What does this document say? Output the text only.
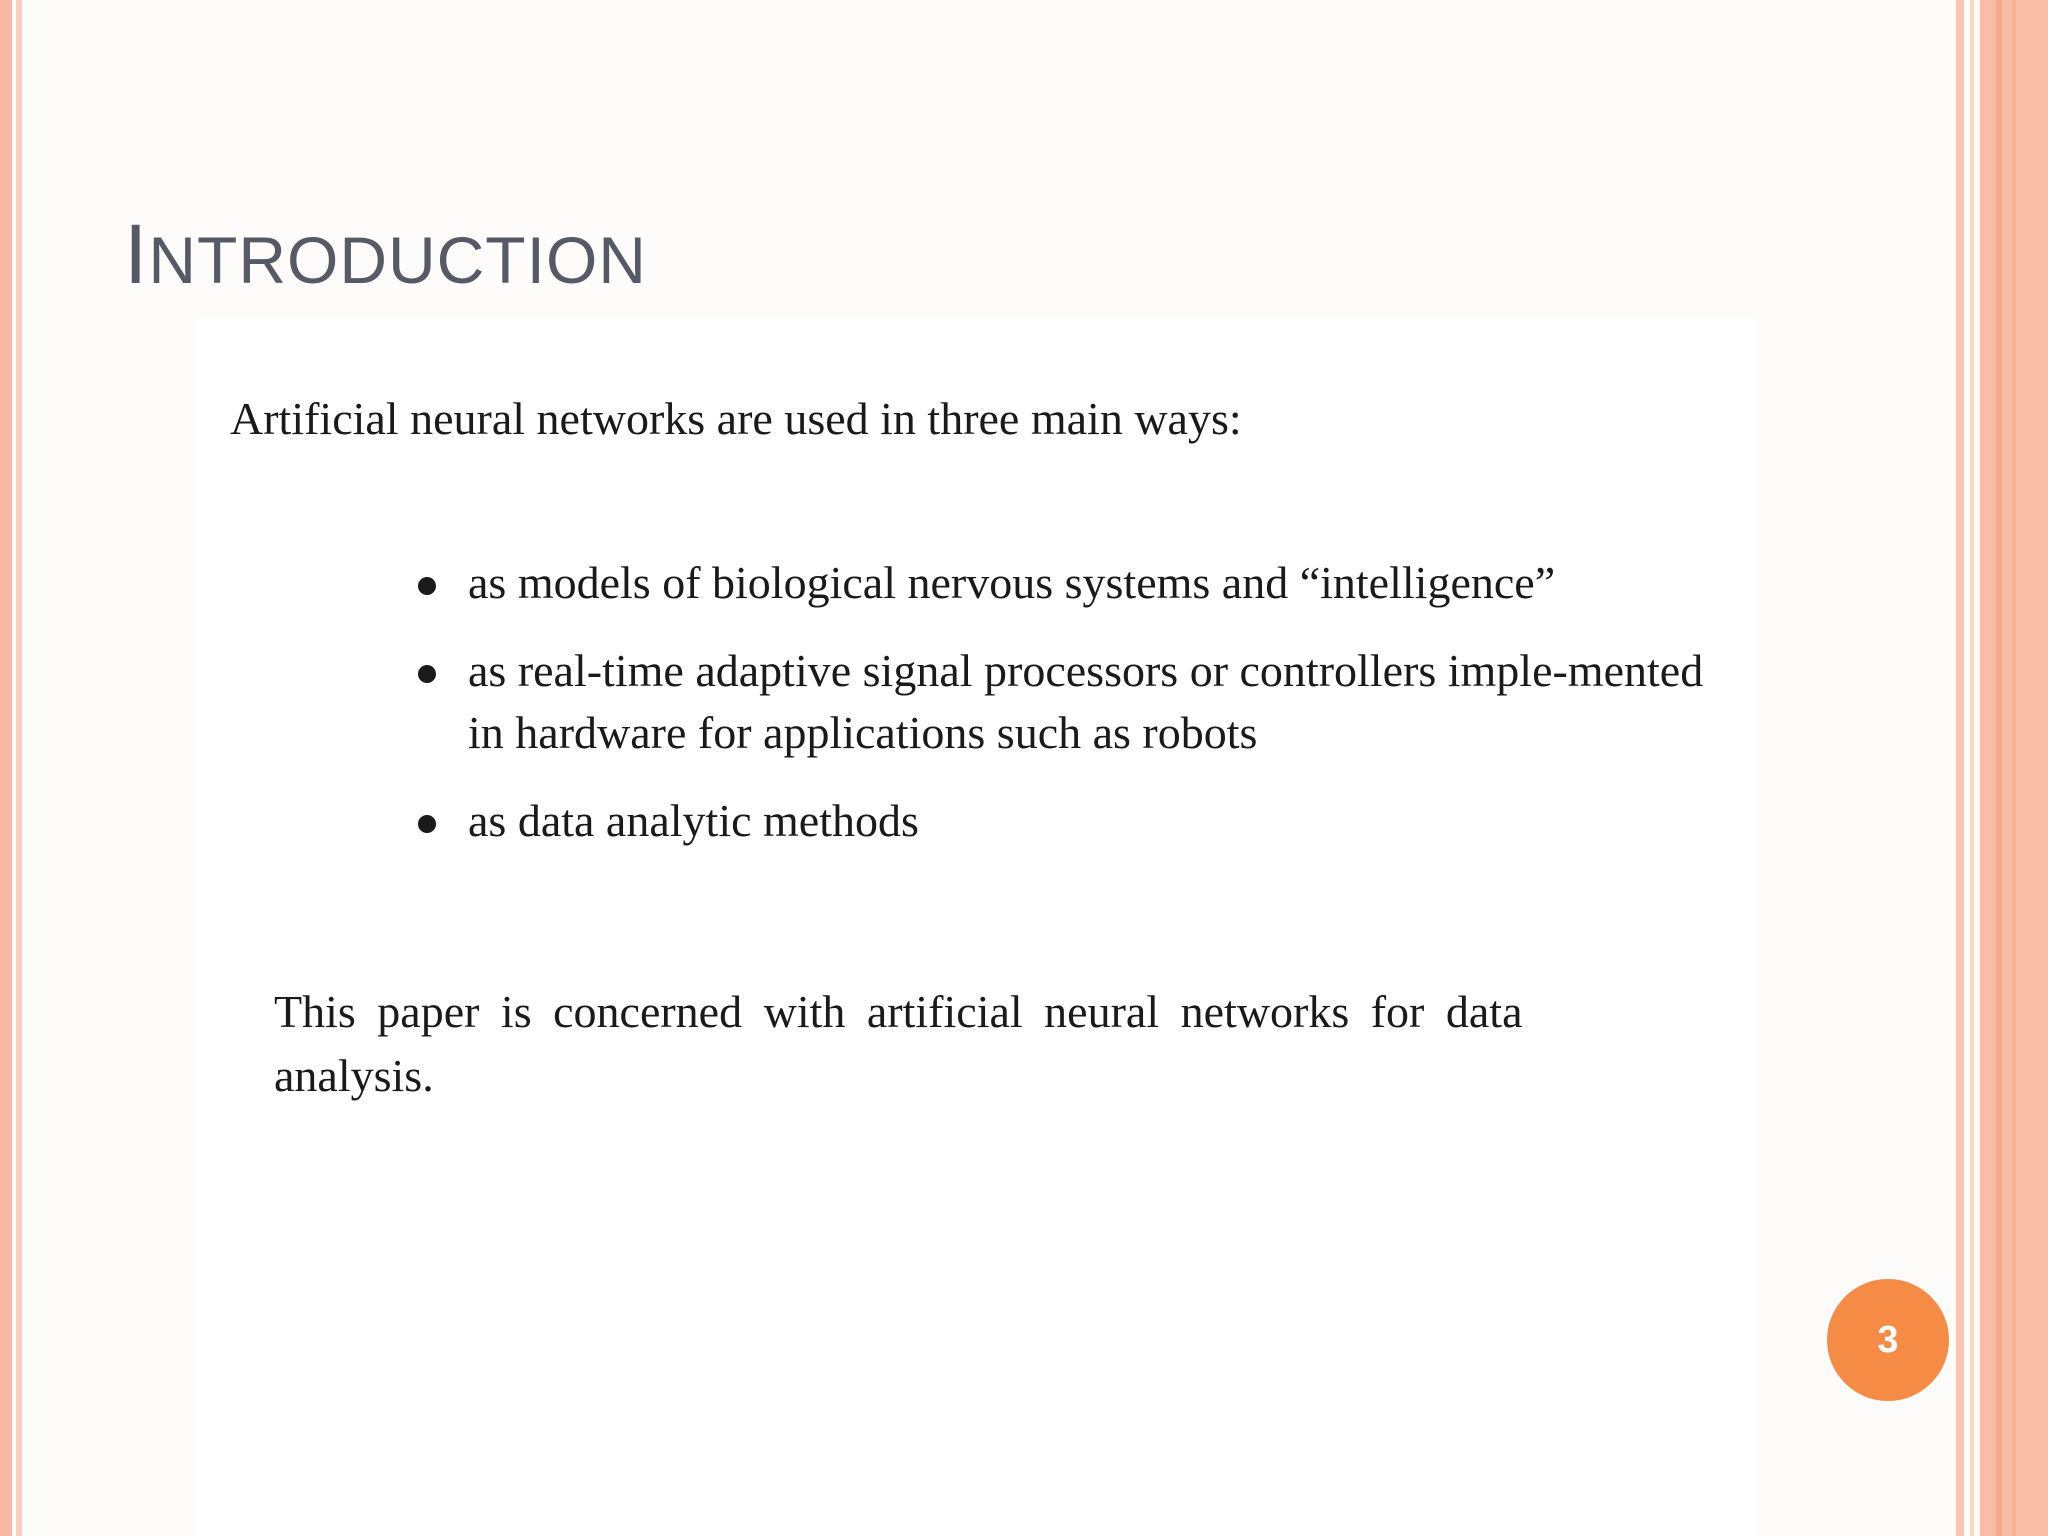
INTRODUCTION
Artificial neural networks are used in three main ways:
as models of biological nervous systems and “intelligence”
as real-time adaptive signal processors or controllers imple-mented in hardware for applications such as robots
as data analytic methods
This paper is concerned with artificial neural networks for data analysis.
3
